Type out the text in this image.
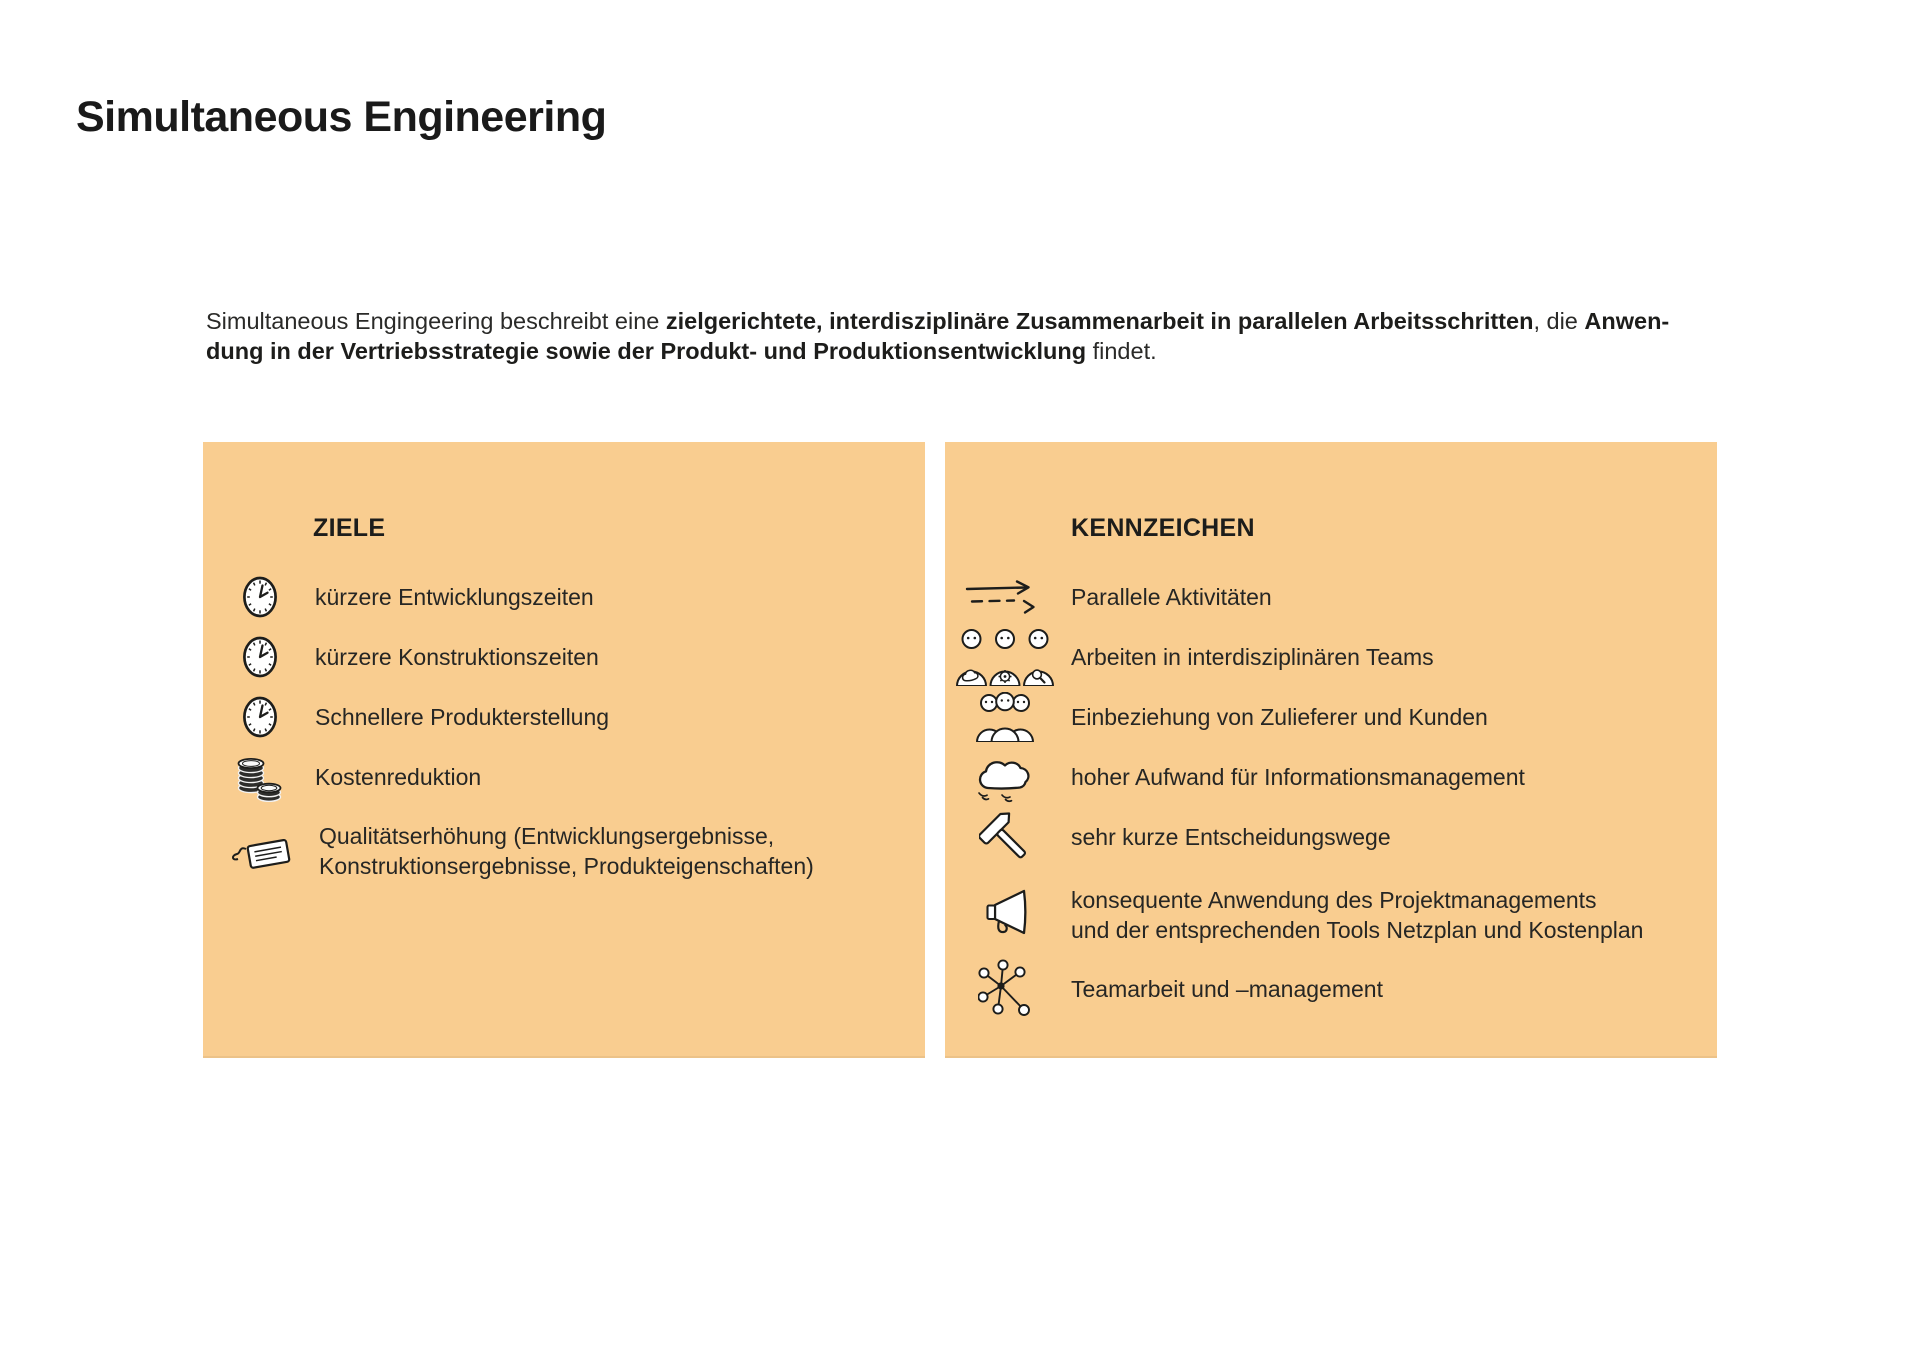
Simultaneous Engineering

Simultaneous Engingeering beschreibt eine zielgerichtete, interdisziplinäre Zusammenarbeit in parallelen Arbeitsschritten, die Anwen-
dung in der Vertriebsstrategie sowie der Produkt- und Produktionsentwicklung findet.

ZIELE
kürzere Entwicklungszeiten
kürzere Konstruktionszeiten
Schnellere Produkterstellung
Kostenreduktion
Qualitätserhöhung (Entwicklungsergebnisse,
Konstruktionsergebnisse, Produkteigenschaften)
KENNZEICHEN
Parallele Aktivitäten
Arbeiten in interdisziplinären Teams
Einbeziehung von Zulieferer und Kunden
hoher Aufwand für Informationsmanagement
sehr kurze Entscheidungswege
konsequente Anwendung des Projektmanagements
und der entsprechenden Tools Netzplan und Kostenplan
Teamarbeit und –management
